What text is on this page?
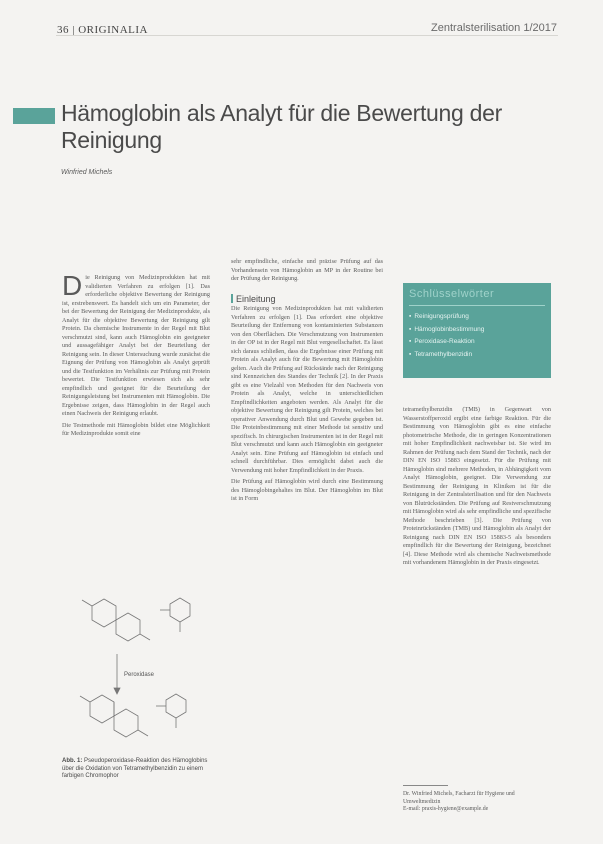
36 | ORIGINALIA	Zentralsterilisation 1/2017
Hämoglobin als Analyt für die Bewertung der Reinigung
Winfried Michels

D ie Reinigung von Medizinprodukten hat mit validierten Verfahren zu erfolgen [1]. Das erforderliche objektive Bewertung der Reinigung ist, erstrebenswert. Es handelt sich um ein Parameter, der bei der Bewertung der Reinigung der Medizinprodukte, als Analyt für die objektive Bewertung der Reinigung gilt Protein. Da chemische Instrumente in der Regel mit Blut verschmutzt sind, kann auch Hämoglobin ein geeigneter und aussagefähiger Analyt bei der Beurteilung der Reinigung sein. In dieser Untersuchung wurde zunächst die Eignung der Prüfung von Hämoglobin als Analyt geprüft und die Testfunktion im Verhältnis zur Prüfung mit Protein bewertet. Die Testfunktion erwiesen sich als sehr empfindlich und geeignet für die Beurteilung der Reinigungsleistung bei Instrumenten mit Hämoglobin. Die Ergebnisse zeigen, dass Hämoglobin in der Regel auch einen Nachweis der Reinigung erlaubt.

Die Testmethode mit Hämoglobin bildet eine Möglichkeit für Medizinprodukte somit eine

Peroxidase
Abb. 1: Pseudoperoxidase-Reaktion des Hämoglobins über die Oxidation von Tetramethylbenzidin zu einem farbigen Chromophor

sehr empfindliche, einfache und präzise Prüfung auf das Vorhandensein von Hämoglobin an MP in der Routine bei der Prüfung der Reinigung.

Einleitung

Die Reinigung von Medizinprodukten hat mit validierten Verfahren zu erfolgen [1]. Das erfordert eine objektive Beurteilung der Entfernung von kontaminierten Substanzen von den Oberflächen. Die Verschmutzung von Instrumenten in der OP ist in der Regel mit Blut vergesellschaftet. Es lässt sich daraus schließen, dass die Ergebnisse einer Prüfung mit Protein als Analyt auch für die Bewertung mit Hämoglobin gelten. Auch die Prüfung auf Rückstände nach der Reinigung sind Kennzeichen des Standes der Technik [2]. In der Praxis gibt es eine Vielzahl von Methoden für den Nachweis von Protein als Analyt, welche in unterschiedlichen Empfindlichkeiten angeboten werden. Als Analyt für die objektive Bewertung der Reinigung gilt Protein, welches bei operativer Anwendung durch Blut und Gewebe gegeben ist. Die Proteinbestimmung mit einer Methode ist sensitiv und spezifisch. In chirurgischen Instrumenten ist in der Regel mit Blut verschmutzt und kann auch Hämoglobin ein geeigneter Analyt sein. Eine Prüfung auf Hämoglobin ist einfach und schnell durchführbar. Dies ermöglicht dabei auch die Verwendung mit hoher Empfindlichkeit in der Praxis.

Die Prüfung auf Hämoglobin wird durch eine Bestimmung des Hämoglobingehaltes im Blut. Der Hämoglobin im Blut ist in Form

Schlüsselwörter
▪ Reinigungsprüfung
▪ Hämoglobinbestimmung
▪ Peroxidase-Reaktion
▪ Tetramethylbenzidin

tetramethylbenzidin (TMB) in Gegenwart von Wasserstoffperoxid ergibt eine farbige Reaktion. Für die Bestimmung von Hämoglobin gibt es eine einfache photometrische Methode, die in geringen Konzentrationen mit hoher Empfindlichkeit nachweisbar ist. Sie wird im Rahmen der Prüfung nach dem Stand der Technik, nach der DIN EN ISO 15883 eingesetzt. Für die Prüfung mit Hämoglobin sind mehrere Methoden, in Abhängigkeit vom Analyt Hämoglobin, geeignet. Die Verwendung zur Bestimmung der Reinigung in Kliniken ist für die Reinigung in der Zentralsterilisation und für den Nachweis von Blutrückständen. Die Prüfung auf Restverschmutzung mit Hämoglobin wird als sehr empfindliche und spezifische Methode beschrieben [3]. Die Prüfung von Proteinrückständen (TMB) und Hämoglobin als Analyt der Reinigung nach DIN EN ISO 15883-5 als besonders empfindlich für die Bewertung der Reinigung, bezeichnet [4]. Diese Methode wird als chemische Nachweismethode mit vorhandenem Hämoglobin in der Praxis eingesetzt.

Dr. Winfried Michels, Facharzt für Hygiene und Umweltmedizin
E-mail: praxis-hygiene@example.de
